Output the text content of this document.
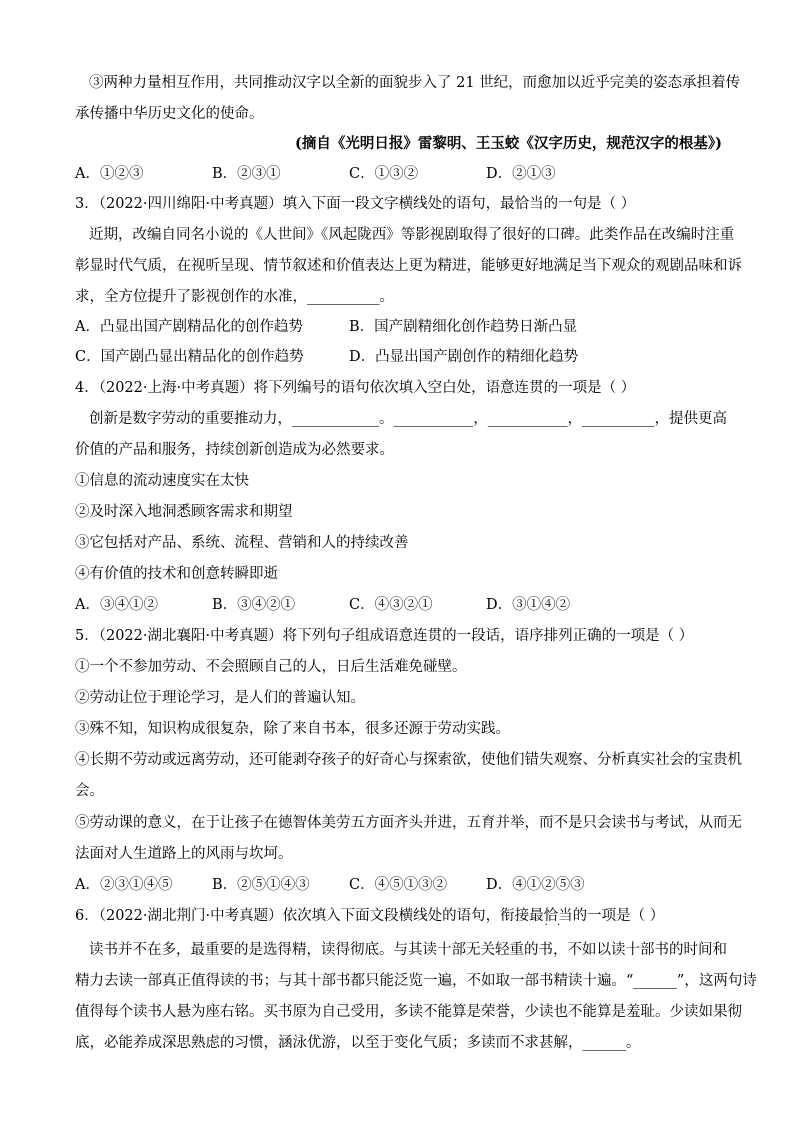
③两种力量相互作用，共同推动汉字以全新的面貌步入了 21 世纪，而愈加以近乎完美的姿态承担着传
承传播中华历史文化的使命。
(摘自《光明日报》雷黎明、王玉蛟《汉字历史，规范汉字的根基》)
A．①②③	B．②③①	C．①③②	D．②①③
3．（2022·四川绵阳·中考真题）填入下面一段文字横线处的语句，最恰当的一句是（ ）
近期，改编自同名小说的《人世间》《风起陇西》等影视剧取得了很好的口碑。此类作品在改编时注重
彰显时代气质，在视听呈现、情节叙述和价值表达上更为精进，能够更好地满足当下观众的观剧品味和诉
求，全方位提升了影视创作的水准，__________。
A．凸显出国产剧精品化的创作趋势	B．国产剧精细化创作趋势日渐凸显
C．国产剧凸显出精品化的创作趋势	D．凸显出国产剧创作的精细化趋势
4．（2022·上海·中考真题）将下列编号的语句依次填入空白处，语意连贯的一项是（ ）
创新是数字劳动的重要推动力，____________。___________，___________，__________，提供更高
价值的产品和服务，持续创新创造成为必然要求。
①信息的流动速度实在太快
②及时深入地洞悉顾客需求和期望
③它包括对产品、系统、流程、营销和人的持续改善
④有价值的技术和创意转瞬即逝
A．③④①②	B．③④②①	C．④③②①	D．③①④②
5．（2022·湖北襄阳·中考真题）将下列句子组成语意连贯的一段话，语序排列正确的一项是（ ）
①一个不参加劳动、不会照顾自己的人，日后生活难免碰壁。
②劳动让位于理论学习，是人们的普遍认知。
③殊不知，知识构成很复杂，除了来自书本，很多还源于劳动实践。
④长期不劳动或远离劳动，还可能剥夺孩子的好奇心与探索欲，使他们错失观察、分析真实社会的宝贵机
会。
⑤劳动课的意义，在于让孩子在德智体美劳五方面齐头并进，五育并举，而不是只会读书与考试，从而无
法面对人生道路上的风雨与坎坷。
A．②③①④⑤	B．②⑤①④③	C．④⑤①③②	D．④①②⑤③
6．（2022·湖北荆门·中考真题）依次填入下面文段横线处的语句，衔接最恰当 · ·的一项是（ ）
读书并不在多，最重要的是选得精，读得彻底。与其读十部无关轻重的书，不如以读十部书的时间和
精力去读一部真正值得读的书；与其十部书都只能泛览一遍，不如取一部书精读十遍。“______”，这两句诗
值得每个读书人悬为座右铭。买书原为自己受用，多读不能算是荣誉，少读也不能算是羞耻。少读如果彻
底，必能养成深思熟虑的习惯，涵泳优游，以至于变化气质；多读而不求甚解，______。
